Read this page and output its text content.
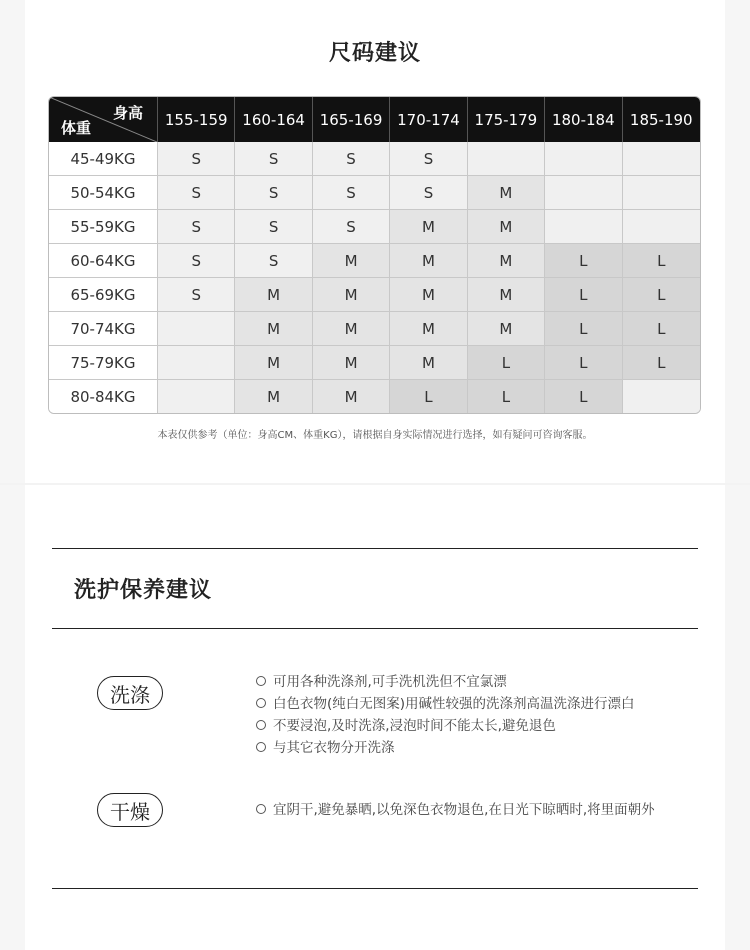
尺码建议
身高
体重	155-159	160-164	165-169	170-174	175-179	180-184	185-190
45-49KG	S	S	S	S			
50-54KG	S	S	S	S	M		
55-59KG	S	S	S	M	M		
60-64KG	S	S	M	M	M	L	L
65-69KG	S	M	M	M	M	L	L
70-74KG		M	M	M	M	L	L
75-79KG		M	M	M	L	L	L
80-84KG		M	M	L	L	L	
本表仅供参考（单位：身高CM、体重KG），请根据自身实际情况进行选择，如有疑问可咨询客服。
洗护保养建议
洗涤
可用各种洗涤剂,可手洗机洗但不宜氯漂
白色衣物(纯白无图案)用碱性较强的洗涤剂高温洗涤进行漂白
不要浸泡,及时洗涤,浸泡时间不能太长,避免退色
与其它衣物分开洗涤
干燥	宜阴干,避免暴晒,以免深色衣物退色,在日光下晾晒时,将里面朝外
